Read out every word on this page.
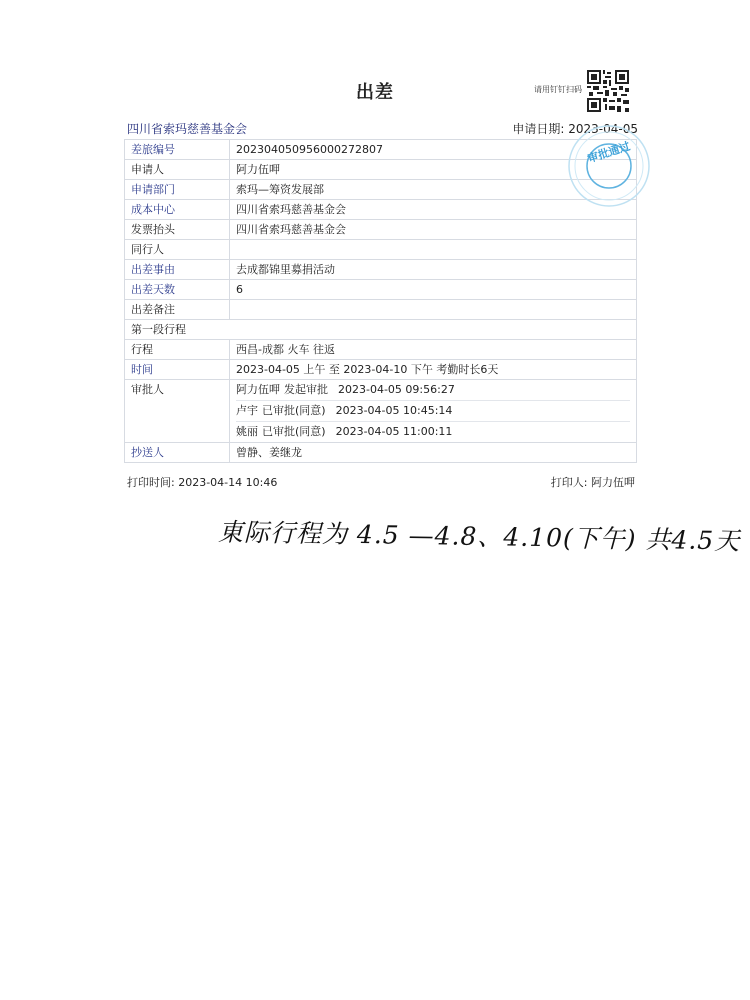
出差	请用钉钉扫码
四川省索玛慈善基金会	申请日期: 2023-04-05
差旅编号	202304050956000272807
申请人	阿力伍呷
申请部门	索玛—筹资发展部
成本中心	四川省索玛慈善基金会
发票抬头	四川省索玛慈善基金会
同行人	
出差事由	去成都锦里募捐活动
出差天数	6
出差备注	
第一段行程	
行程	西昌-成都 火车 往返
时间	2023-04-05 上午 至 2023-04-10 下午 考勤时长6天
审批人	阿力伍呷 发起审批 2023-04-05 09:56:27
卢宇 已审批(同意) 2023-04-05 10:45:14
姚丽 已审批(同意) 2023-04-05 11:00:11

抄送人	曾静、姜继龙
审批通过
打印时间: 2023-04-14 10:46	打印人: 阿力伍呷
東际行程为 4.5 —4.8、4.10(下午) 共4.5天
